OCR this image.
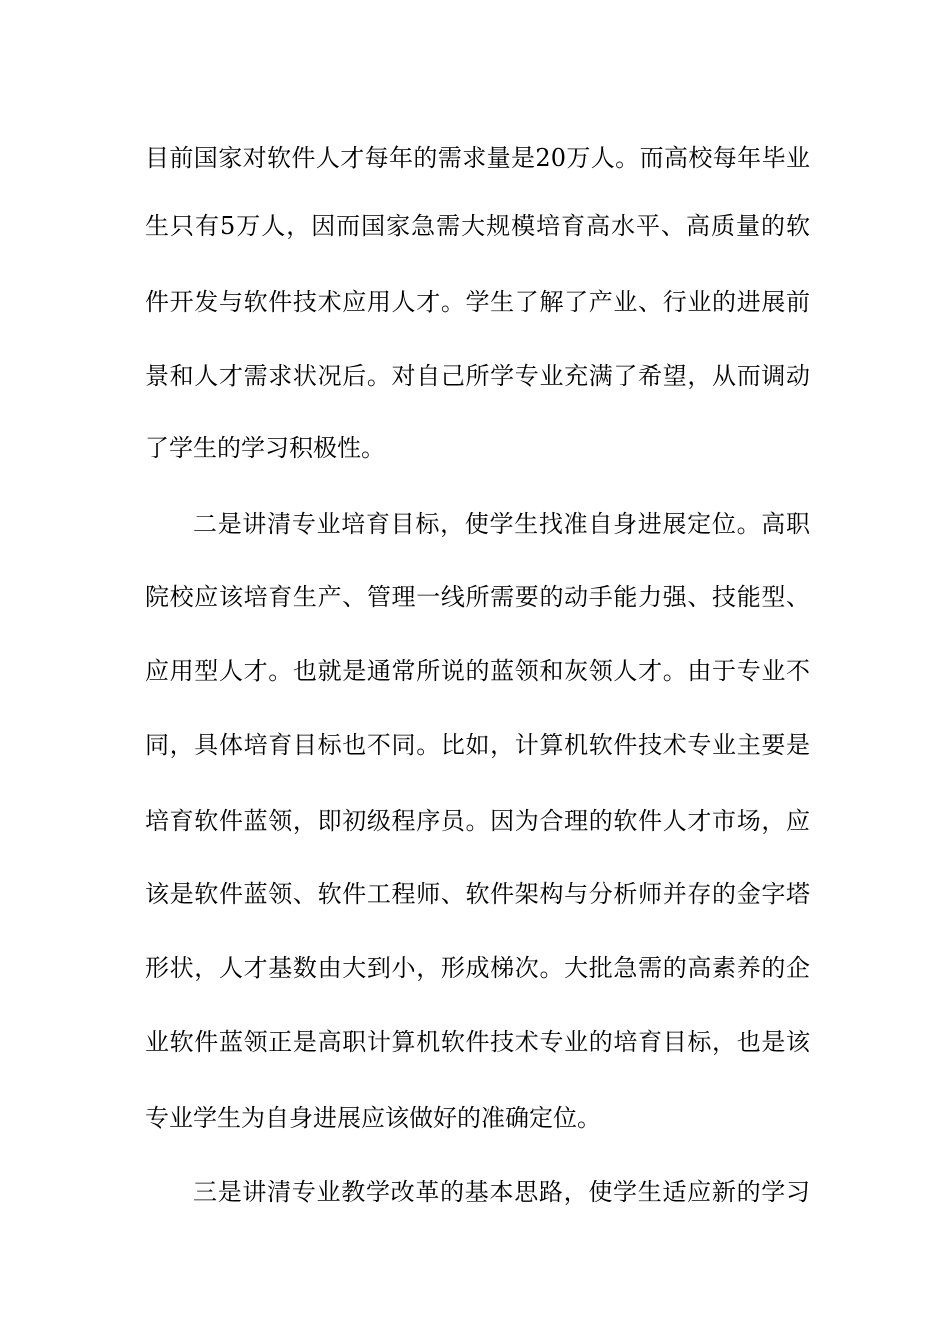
目前国家对软件人才每年的需求量是20万人。而高校每年毕业
生只有5万人，因而国家急需大规模培育高水平、高质量的软
件开发与软件技术应用人才。学生了解了产业、行业的进展前
景和人才需求状况后。对自己所学专业充满了希望，从而调动
了学生的学习积极性。
二是讲清专业培育目标，使学生找准自身进展定位。高职
院校应该培育生产、管理一线所需要的动手能力强、技能型、
应用型人才。也就是通常所说的蓝领和灰领人才。由于专业不
同，具体培育目标也不同。比如，计算机软件技术专业主要是
培育软件蓝领，即初级程序员。因为合理的软件人才市场，应
该是软件蓝领、软件工程师、软件架构与分析师并存的金字塔
形状，人才基数由大到小，形成梯次。大批急需的高素养的企
业软件蓝领正是高职计算机软件技术专业的培育目标，也是该
专业学生为自身进展应该做好的准确定位。
三是讲清专业教学改革的基本思路，使学生适应新的学习
